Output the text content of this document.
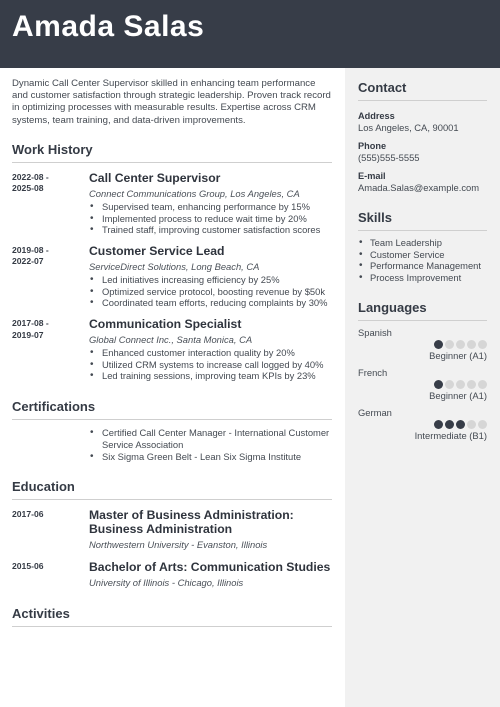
Amada Salas
Contact
Address
Los Angeles, CA, 90001
Phone
(555)555-5555
E-mail
Amada.Salas@example.com
Skills
• Team Leadership
• Customer Service
• Performance Management
• Process Improvement
Languages
Spanish
Beginner (A1)
French
Beginner (A1)
German
Intermediate (B1)

Dynamic Call Center Supervisor skilled in enhancing team performance and customer satisfaction through strategic leadership. Proven track record in optimizing processes with measurable results. Expertise across CRM systems, team training, and data-driven improvements.

Work History
2022-08 -
2025-08
Call Center Supervisor
Connect Communications Group, Los Angeles, CA
• Supervised team, enhancing performance by 15%
• Implemented process to reduce wait time by 20%
• Trained staff, improving customer satisfaction scores
2019-08 -
2022-07
Customer Service Lead
ServiceDirect Solutions, Long Beach, CA
• Led initiatives increasing efficiency by 25%
• Optimized service protocol, boosting revenue by $50k
• Coordinated team efforts, reducing complaints by 30%
2017-08 -
2019-07
Communication Specialist
Global Connect Inc., Santa Monica, CA
• Enhanced customer interaction quality by 20%
• Utilized CRM systems to increase call logged by 40%
• Led training sessions, improving team KPIs by 23%
Certifications
• Certified Call Center Manager - International Customer Service Association
• Six Sigma Green Belt - Lean Six Sigma Institute
Education
2017-06	Master of Business Administration: Business Administration
Northwestern University - Evanston, Illinois
2015-06	Bachelor of Arts: Communication Studies
University of Illinois - Chicago, Illinois
Activities
